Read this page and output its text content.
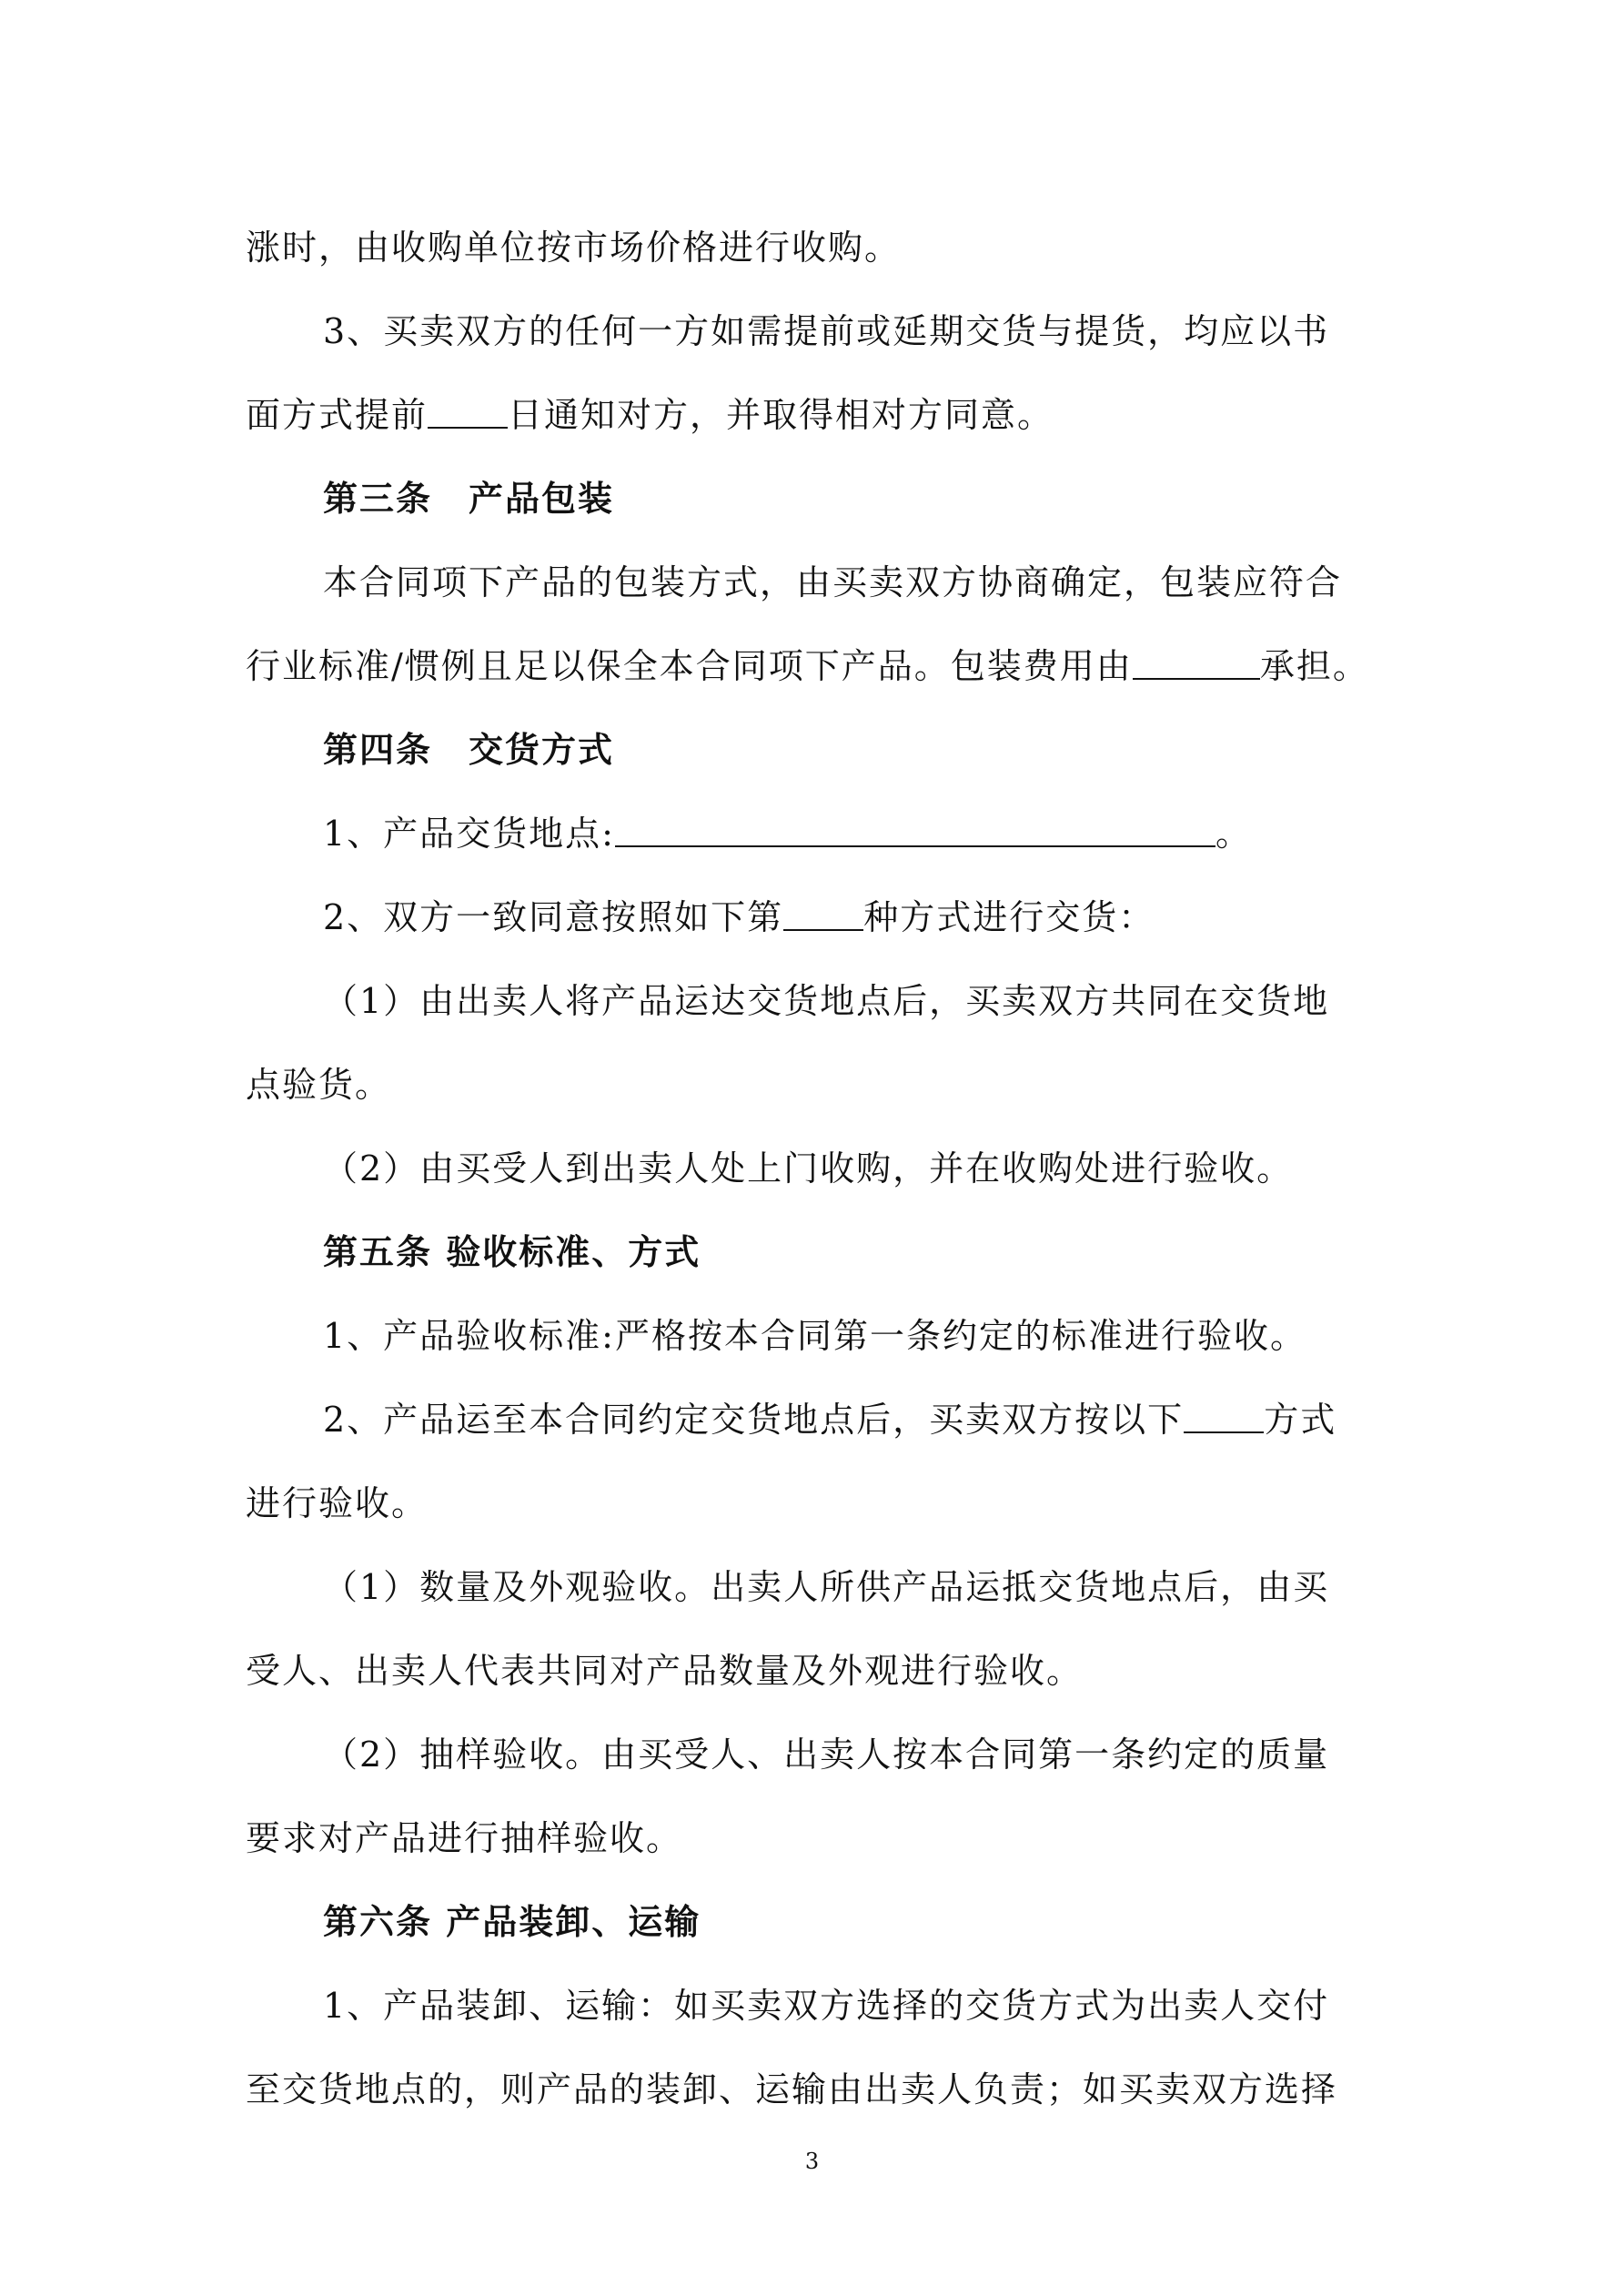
涨时，由收购单位按市场价格进行收购。
3、买卖双方的任何一方如需提前或延期交货与提货，均应以书
面方式提前 日通知对方，并取得相对方同意。
第三条　产品包装
本合同项下产品的包装方式，由买卖双方协商确定，包装应符合
行业标准/惯例且足以保全本合同项下产品。包装费用由	承担。
第四条　交货方式
1、产品交货地点:	。
2、双方一致同意按照如下第 种方式进行交货：
（1）由出卖人将产品运达交货地点后，买卖双方共同在交货地
点验货。
（2）由买受人到出卖人处上门收购，并在收购处进行验收。
第五条 验收标准、方式
1、产品验收标准:严格按本合同第一条约定的标准进行验收。
2、产品运至本合同约定交货地点后，买卖双方按以下 方式
进行验收。
（1）数量及外观验收。出卖人所供产品运抵交货地点后，由买
受人、出卖人代表共同对产品数量及外观进行验收。
（2）抽样验收。由买受人、出卖人按本合同第一条约定的质量
要求对产品进行抽样验收。
第六条 产品装卸、运输
1、产品装卸、运输：如买卖双方选择的交货方式为出卖人交付
至交货地点的，则产品的装卸、运输由出卖人负责；如买卖双方选择
3
